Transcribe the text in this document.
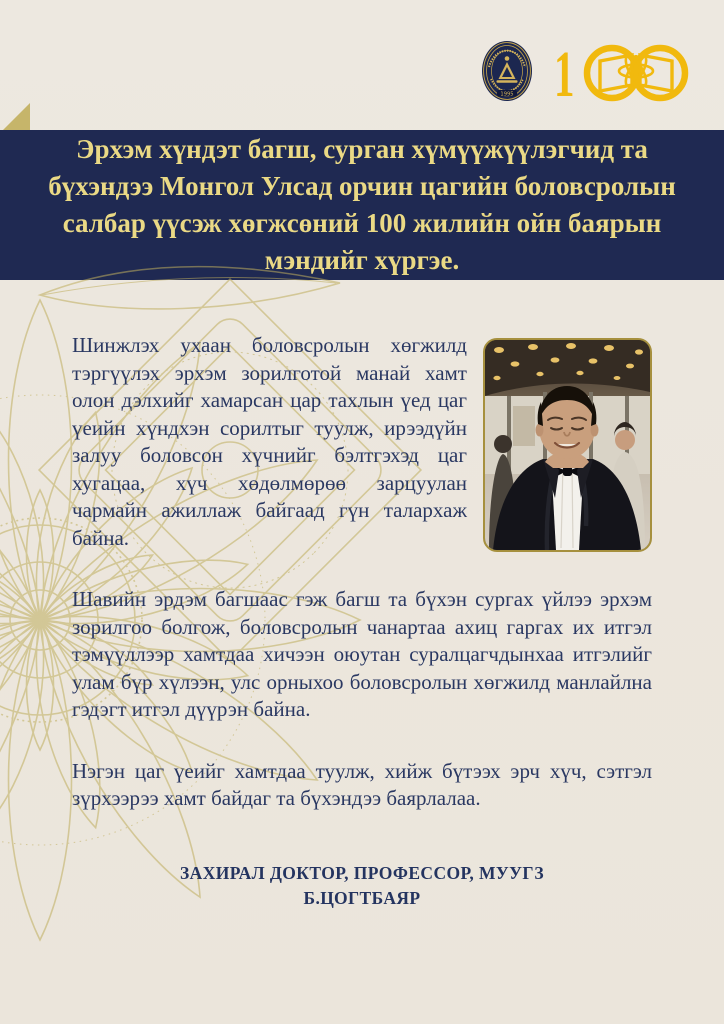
1995 1

Эрхэм хүндэт багш, сурган хүмүүжүүлэгчид та бүхэндээ Монгол Улсад орчин цагийн боловсролын салбар үүсэж хөгжсөний 100 жилийн ойн баярын мэндийг хүргэе.

Шинжлэх ухаан боловсролын хөгжилд тэргүүлэх эрхэм зорилготой манай хамт олон дэлхийг хамарсан цар тахлын үед цаг үеийн хүндхэн сорилтыг туулж, ирээдүйн залуу боловсон хүчнийг бэлтгэхэд цаг хугацаа, хүч хөдөлмөрөө зарцуулан чармайн ажиллаж байгаад гүн талархаж байна.

Шавийн эрдэм багшаас гэж багш та бүхэн сургах үйлээ эрхэм зорилгоо болгож, боловсролын чанартаа ахиц гаргах их итгэл тэмүүллээр хамтдаа хичээн оюутан суралцагчдынхаа итгэлийг улам бүр хүлээн, улс орныхоо боловсролын хөгжилд манлайлна гэдэгт итгэл дүүрэн байна.

Нэгэн цаг үеийг хамтдаа туулж, хийж бүтээх эрч хүч, сэтгэл зүрхээрээ хамт байдаг та бүхэндээ баярлалаа.

ЗАХИРАЛ ДОКТОР, ПРОФЕССОР, МУУГЗ
Б.ЦОГТБАЯР
